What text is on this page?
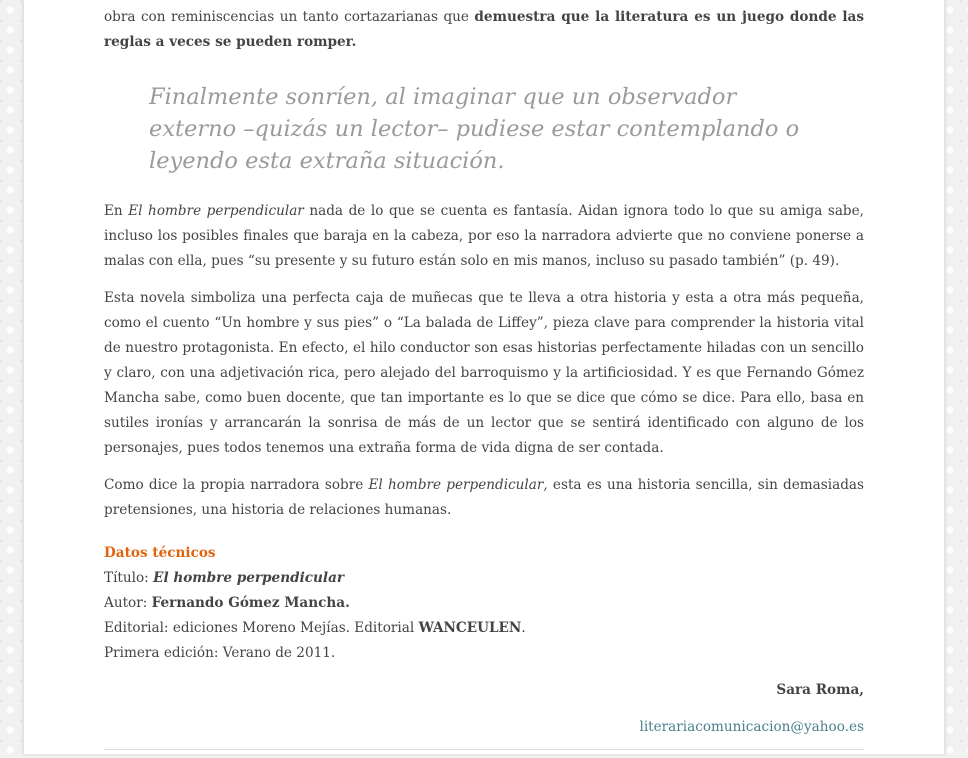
obra con reminiscencias un tanto cortazarianas que demuestra que la literatura es un juego donde las reglas a veces se pueden romper.

Finalmente sonríen, al imaginar que un observador externo –quizás un lector– pudiese estar contemplando o leyendo esta extraña situación.

En El hombre perpendicular nada de lo que se cuenta es fantasía. Aidan ignora todo lo que su amiga sabe, incluso los posibles finales que baraja en la cabeza, por eso la narradora advierte que no conviene ponerse a malas con ella, pues “su presente y su futuro están solo en mis manos, incluso su pasado también” (p. 49).

Esta novela simboliza una perfecta caja de muñecas que te lleva a otra historia y esta a otra más pequeña, como el cuento “Un hombre y sus pies” o “La balada de Liffey”, pieza clave para comprender la historia vital de nuestro protagonista. En efecto, el hilo conductor son esas historias perfectamente hiladas con un sencillo y claro, con una adjetivación rica, pero alejado del barroquismo y la artificiosidad. Y es que Fernando Gómez Mancha sabe, como buen docente, que tan importante es lo que se dice que cómo se dice. Para ello, basa en sutiles ironías y arrancarán la sonrisa de más de un lector que se sentirá identificado con alguno de los personajes, pues todos tenemos una extraña forma de vida digna de ser contada.

Como dice la propia narradora sobre El hombre perpendicular, esta es una historia sencilla, sin demasiadas pretensiones, una historia de relaciones humanas.

Datos técnicos
Título: El hombre perpendicular
Autor: Fernando Gómez Mancha.
Editorial: ediciones Moreno Mejías. Editorial WANCEULEN.
Primera edición: Verano de 2011.
Sara Roma,
literariacomunicacion@yahoo.es
